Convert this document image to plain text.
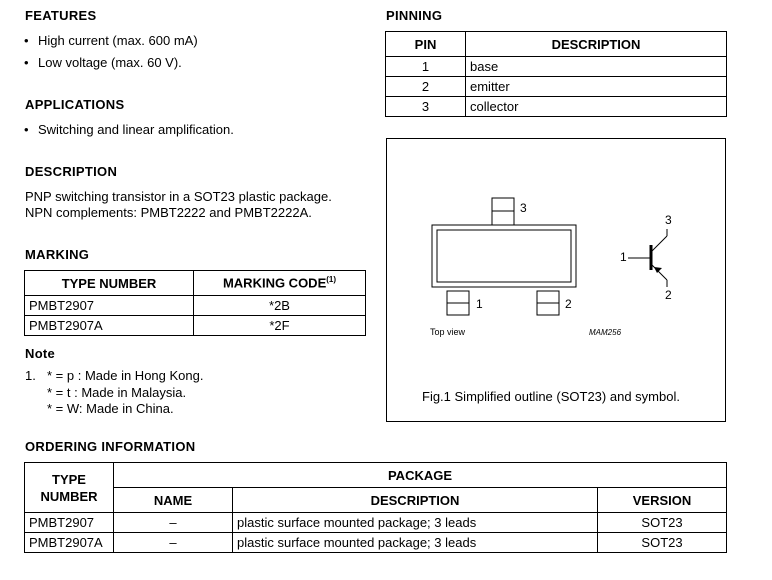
FEATURES
• High current (max. 600 mA)
• Low voltage (max. 60 V).
APPLICATIONS
• Switching and linear amplification.
DESCRIPTION
PNP switching transistor in a SOT23 plastic package.
NPN complements: PMBT2222 and PMBT2222A.
MARKING
TYPE NUMBER	MARKING CODE$^{(1)}$
PMBT2907	*2B
PMBT2907A	*2F
Note
1. * = p : Made in Hong Kong.
* = t : Made in Malaysia.
* = W: Made in China.
PINNING
PIN	DESCRIPTION
1	base
2	emitter
3	collector
3
1	2
1
3
2
Top view	MAM256
Fig.1 Simplified outline (SOT23) and symbol.
ORDERING INFORMATION
TYPE NUMBER	PACKAGE		
	NAME	DESCRIPTION	VERSION
PMBT2907	–	plastic surface mounted package; 3 leads	SOT23
PMBT2907A	–	plastic surface mounted package; 3 leads	SOT23
